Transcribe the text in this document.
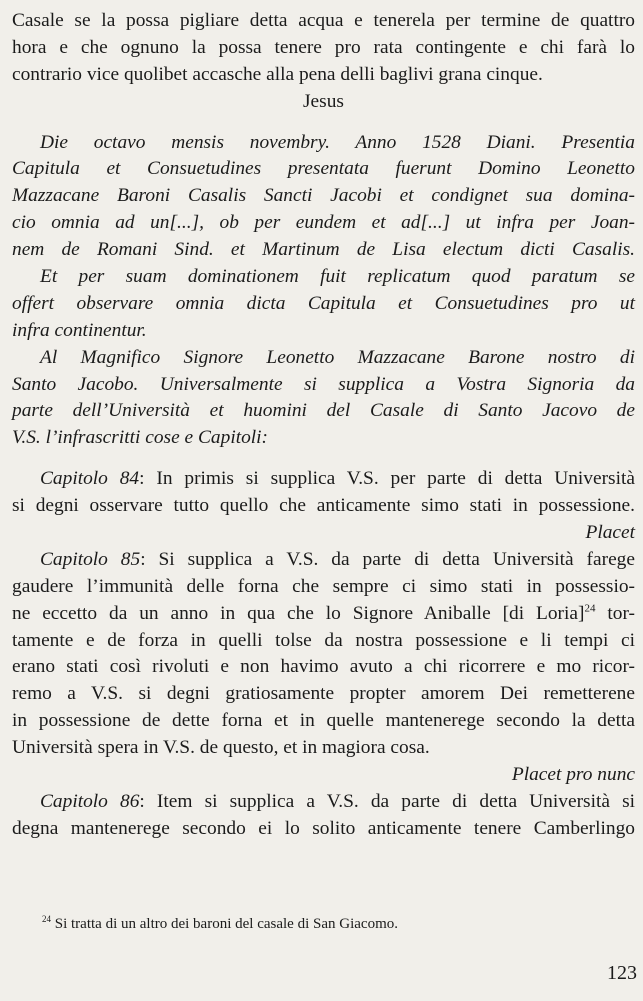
Casale se la possa pigliare detta acqua e tenerela per termine de quattro
hora e che ognuno la possa tenere pro rata contingente e chi farà lo
contrario vice quolibet accasche alla pena delli baglivi grana cinque.
Jesus
Die octavo mensis novembry. Anno 1528 Diani. Presentia
Capitula et Consuetudines presentata fuerunt Domino Leonetto
Mazzacane Baroni Casalis Sancti Jacobi et condignet sua domina-
cio omnia ad un[...], ob per eundem et ad[...] ut infra per Joan-
nem de Romani Sind. et Martinum de Lisa electum dicti Casalis.
Et per suam dominationem fuit replicatum quod paratum se
offert observare omnia dicta Capitula et Consuetudines pro ut
infra continentur.
Al Magnifico Signore Leonetto Mazzacane Barone nostro di
Santo Jacobo. Universalmente si supplica a Vostra Signoria da
parte dell’Università et huomini del Casale di Santo Jacovo de
V.S. l’infrascritti cose e Capitoli:
Capitolo 84: In primis si supplica V.S. per parte di detta Università
si degni osservare tutto quello che anticamente simo stati in possessione.
Placet
Capitolo 85: Si supplica a V.S. da parte di detta Università farege
gaudere l’immunità delle forna che sempre ci simo stati in possessio-
ne eccetto da un anno in qua che lo Signore Aniballe [di Loria]$^{24}$ tor-
tamente e de forza in quelli tolse da nostra possessione e li tempi ci
erano stati così rivoluti e non havimo avuto a chi ricorrere e mo ricor-
remo a V.S. si degni gratiosamente propter amorem Dei remetterene
in possessione de dette forna et in quelle mantenerege secondo la detta
Università spera in V.S. de questo, et in magiora cosa.
Placet pro nunc
Capitolo 86: Item si supplica a V.S. da parte di detta Università si
degna mantenerege secondo ei lo solito anticamente tenere Camberlingo
$^{24}$ Si tratta di un altro dei baroni del casale di San Giacomo.
123
